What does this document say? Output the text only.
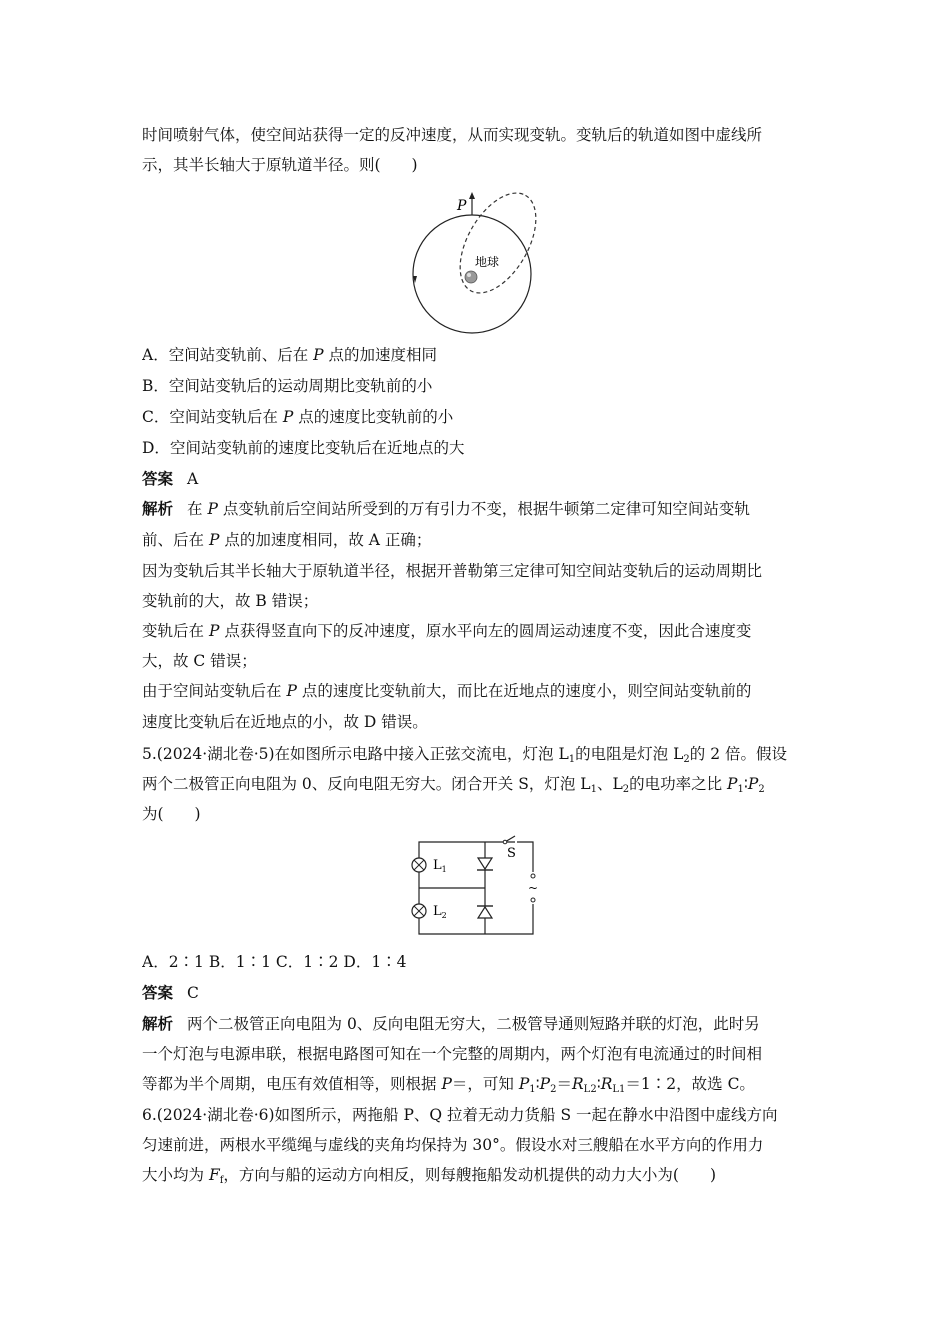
时间喷射气体，使空间站获得一定的反冲速度，从而实现变轨。变轨后的轨道如图中虚线所
示，其半长轴大于原轨道半径。则(　　)
P
地球
A．空间站变轨前、后在 P 点的加速度相同
B．空间站变轨后的运动周期比变轨前的小
C．空间站变轨后在 P 点的速度比变轨前的小
D．空间站变轨前的速度比变轨后在近地点的大
答案 A
解析 在 P 点变轨前后空间站所受到的万有引力不变，根据牛顿第二定律可知空间站变轨
前、后在 P 点的加速度相同，故 A 正确；
因为变轨后其半长轴大于原轨道半径，根据开普勒第三定律可知空间站变轨后的运动周期比
变轨前的大，故 B 错误；
变轨后在 P 点获得竖直向下的反冲速度，原水平向左的圆周运动速度不变，因此合速度变
大，故 C 错误；
由于空间站变轨后在 P 点的速度比变轨前大，而比在近地点的速度小，则空间站变轨前的
速度比变轨后在近地点的小，故 D 错误。
5.(2024·湖北卷·5)在如图所示电路中接入正弦交流电，灯泡 $L_1$的电阻是灯泡 $L_2$的 2 倍。假设
两个二极管正向电阻为 0、反向电阻无穷大。闭合开关 S，灯泡 $L_1$、$L_2$的电功率之比 $P_1∶P_2$
为(　　)
$L_1$
$L_2$
S
~
A．2∶1 B．1∶1 C．1∶2 D．1∶4
答案 C
解析 两个二极管正向电阻为 0、反向电阻无穷大，二极管导通则短路并联的灯泡，此时另
一个灯泡与电源串联，根据电路图可知在一个完整的周期内，两个灯泡有电流通过的时间相
等都为半个周期，电压有效值相等，则根据 P＝，可知 $P_1∶P_2=R_{L2}∶R_{L1}=1∶2$，故选 C。
6.(2024·湖北卷·6)如图所示，两拖船 P、Q 拉着无动力货船 S 一起在静水中沿图中虚线方向
匀速前进，两根水平缆绳与虚线的夹角均保持为 30°。假设水对三艘船在水平方向的作用力
大小均为 $F_f$，方向与船的运动方向相反，则每艘拖船发动机提供的动力大小为(　　)
